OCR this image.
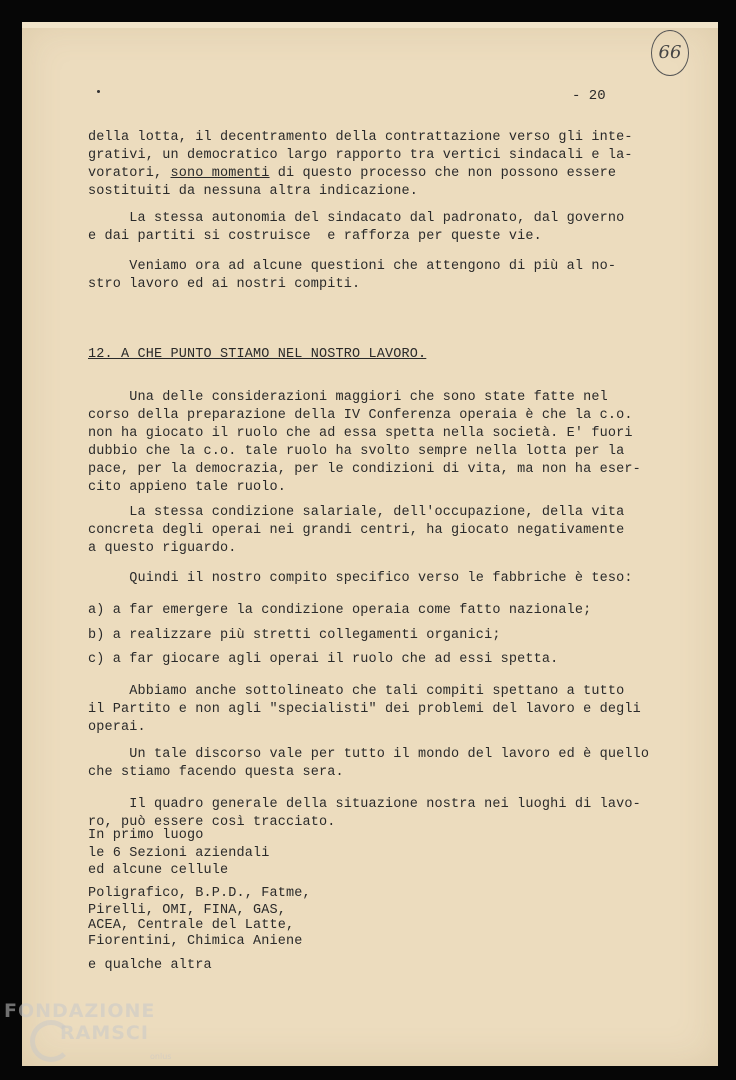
66
- 20
della lotta, il decentramento della contrattazione verso gli inte-
grativi, un democratico largo rapporto tra vertici sindacali e la-
voratori, sono momenti di questo processo che non possono essere
sostituiti da nessuna altra indicazione.
La stessa autonomia del sindacato dal padronato, dal governo
e dai partiti si costruisce  e rafforza per queste vie.
Veniamo ora ad alcune questioni che attengono di più al no-
stro lavoro ed ai nostri compiti.
12. A CHE PUNTO STIAMO NEL NOSTRO LAVORO.
Una delle considerazioni maggiori che sono state fatte nel
corso della preparazione della IV Conferenza operaia è che la c.o.
non ha giocato il ruolo che ad essa spetta nella società. E' fuori
dubbio che la c.o. tale ruolo ha svolto sempre nella lotta per la
pace, per la democrazia, per le condizioni di vita, ma non ha eser-
cito appieno tale ruolo.
La stessa condizione salariale, dell'occupazione, della vita
concreta degli operai nei grandi centri, ha giocato negativamente
a questo riguardo.
Quindi il nostro compito specifico verso le fabbriche è teso:
a) a far emergere la condizione operaia come fatto nazionale;
b) a realizzare più stretti collegamenti organici;
c) a far giocare agli operai il ruolo che ad essi spetta.
Abbiamo anche sottolineato che tali compiti spettano a tutto
il Partito e non agli "specialisti" dei problemi del lavoro e degli
operai.
Un tale discorso vale per tutto il mondo del lavoro ed è quello
che stiamo facendo questa sera.
Il quadro generale della situazione nostra nei luoghi di lavo-
ro, può essere così tracciato.
In primo luogo
le 6 Sezioni aziendali
ed alcune cellule
Poligrafico, B.P.D., Fatme,
Pirelli, OMI, FINA, GAS,
ACEA, Centrale del Latte,
Fiorentini, Chimica Aniene
e qualche altra
FONDAZIONE
RAMSCI
onlus
